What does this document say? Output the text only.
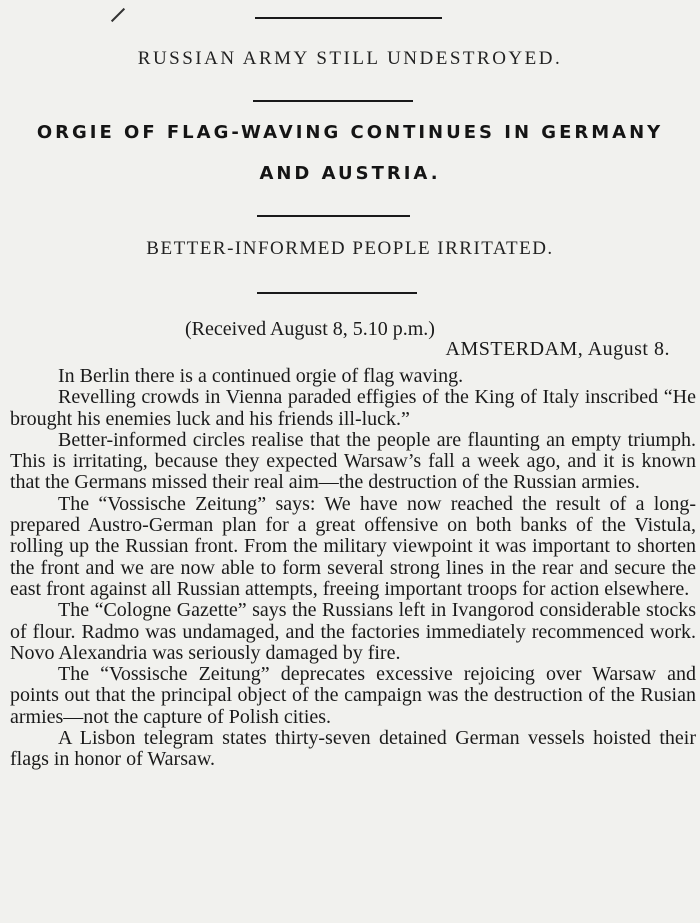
RUSSIAN ARMY STILL UNDESTROYED.
ORGIE OF FLAG-WAVING CONTINUES IN GERMANY
AND AUSTRIA.
BETTER-INFORMED PEOPLE IRRITATED.
(Received August 8, 5.10 p.m.)
AMSTERDAM, August 8.

In Berlin there is a continued orgie of flag waving.

Revelling crowds in Vienna paraded effigies of the King of Italy inscribed “He brought his enemies luck and his friends ill-luck.”

Better-informed circles realise that the people are flaunting an empty triumph. This is irritating, because they expected Warsaw’s fall a week ago, and it is known that the Germans missed their real aim—the destruction of the Russian armies.

The “Vossische Zeitung” says: We have now reached the result of a long-prepared Austro-German plan for a great offensive on both banks of the Vistula, rolling up the Russian front. From the military viewpoint it was important to shorten the front and we are now able to form several strong lines in the rear and secure the east front against all Russian attempts, freeing important troops for action elsewhere.

The “Cologne Gazette” says the Russians left in Ivangorod considerable stocks of flour. Radmo was undamaged, and the factories immediately recommenced work. Novo Alexandria was seriously damaged by fire.

The “Vossische Zeitung” deprecates excessive rejoicing over Warsaw and points out that the principal object of the campaign was the destruction of the Rusian armies—not the capture of Polish cities.

A Lisbon telegram states thirty-seven detained German vessels hoisted their flags in honor of Warsaw.
